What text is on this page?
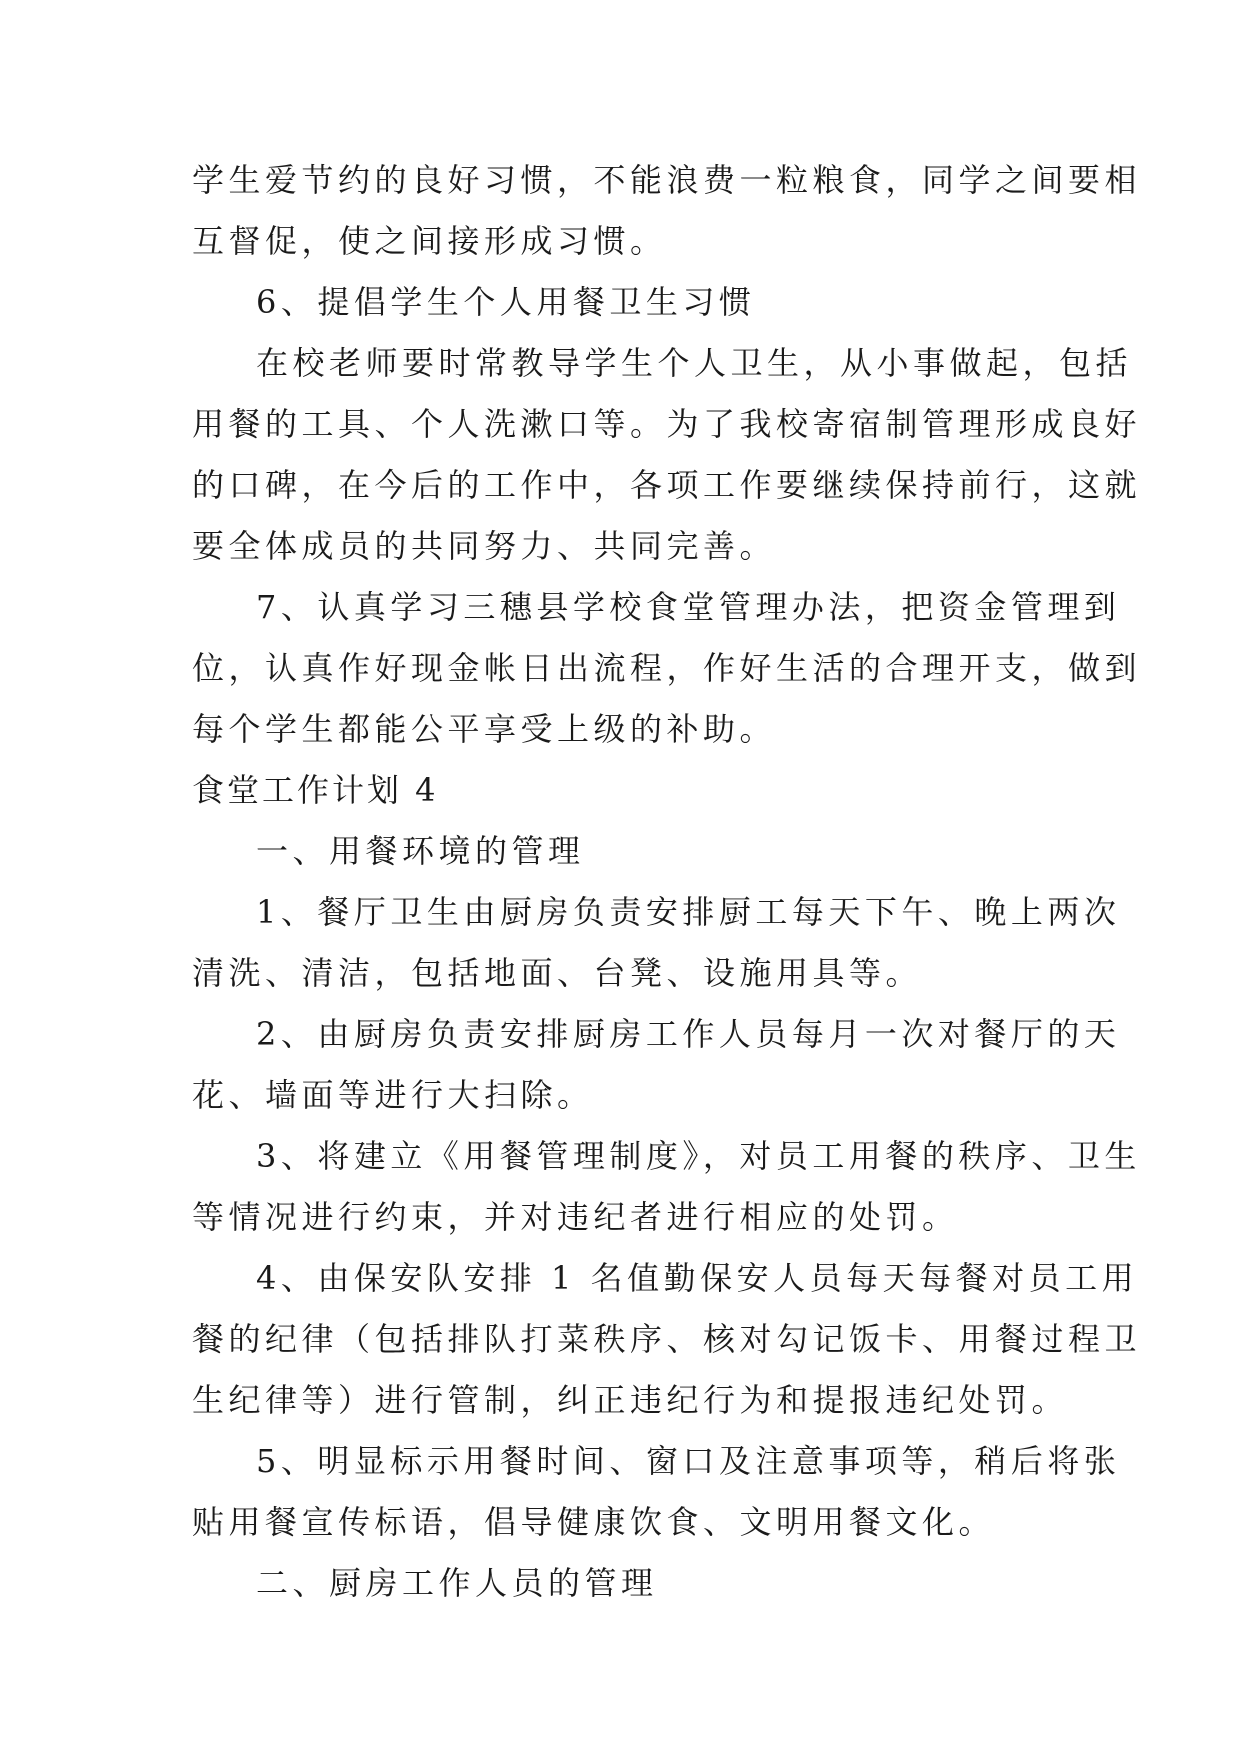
学生爱节约的良好习惯，不能浪费一粒粮食，同学之间要相

互督促，使之间接形成习惯。

6、提倡学生个人用餐卫生习惯

在校老师要时常教导学生个人卫生，从小事做起，包括

用餐的工具、个人洗漱口等。为了我校寄宿制管理形成良好

的口碑，在今后的工作中，各项工作要继续保持前行，这就

要全体成员的共同努力、共同完善。

7、认真学习三穗县学校食堂管理办法，把资金管理到

位，认真作好现金帐日出流程，作好生活的合理开支，做到

每个学生都能公平享受上级的补助。

食堂工作计划 4

一、用餐环境的管理

1、餐厅卫生由厨房负责安排厨工每天下午、晚上两次

清洗、清洁，包括地面、台凳、设施用具等。

2、由厨房负责安排厨房工作人员每月一次对餐厅的天

花、墙面等进行大扫除。

3、将建立《用餐管理制度》，对员工用餐的秩序、卫生

等情况进行约束，并对违纪者进行相应的处罚。

4、由保安队安排 1 名值勤保安人员每天每餐对员工用

餐的纪律（包括排队打菜秩序、核对勾记饭卡、用餐过程卫

生纪律等）进行管制，纠正违纪行为和提报违纪处罚。

5、明显标示用餐时间、窗口及注意事项等，稍后将张

贴用餐宣传标语，倡导健康饮食、文明用餐文化。

二、厨房工作人员的管理
